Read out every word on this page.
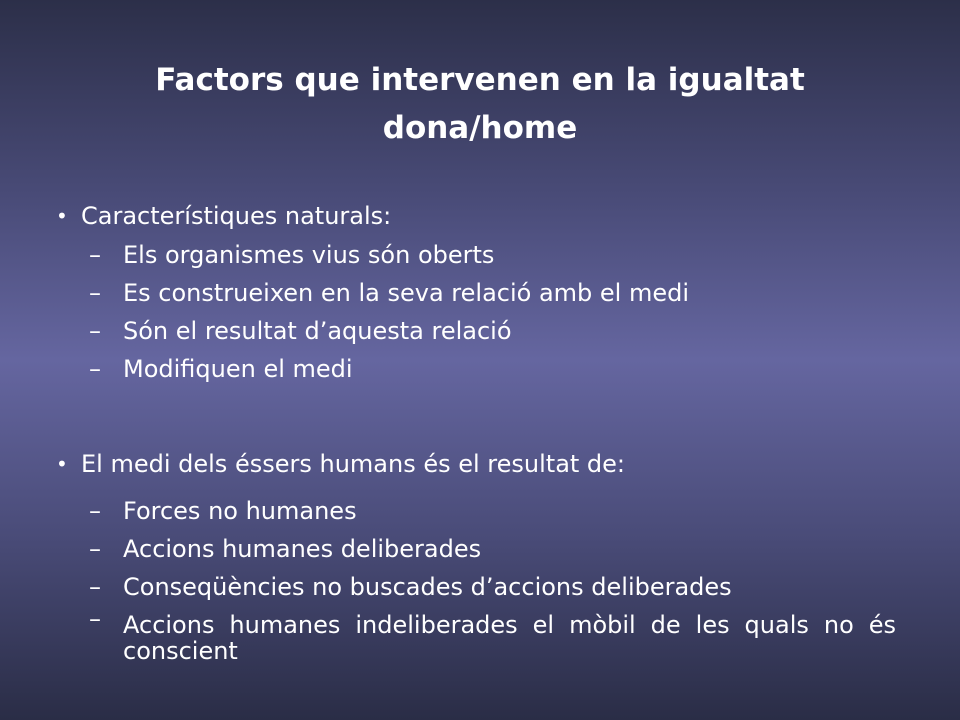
Factors que intervenen en la igualtat
dona/home
• Característiques naturals:
– Els organismes vius són oberts
– Es construeixen en la seva relació amb el medi
– Són el resultat d’aquesta relació
– Modifiquen el medi
• El medi dels éssers humans és el resultat de:
– Forces no humanes
– Accions humanes deliberades
– Conseqüències no buscades d’accions deliberades
– Accions humanes indeliberades el mòbil de les quals no és conscient
